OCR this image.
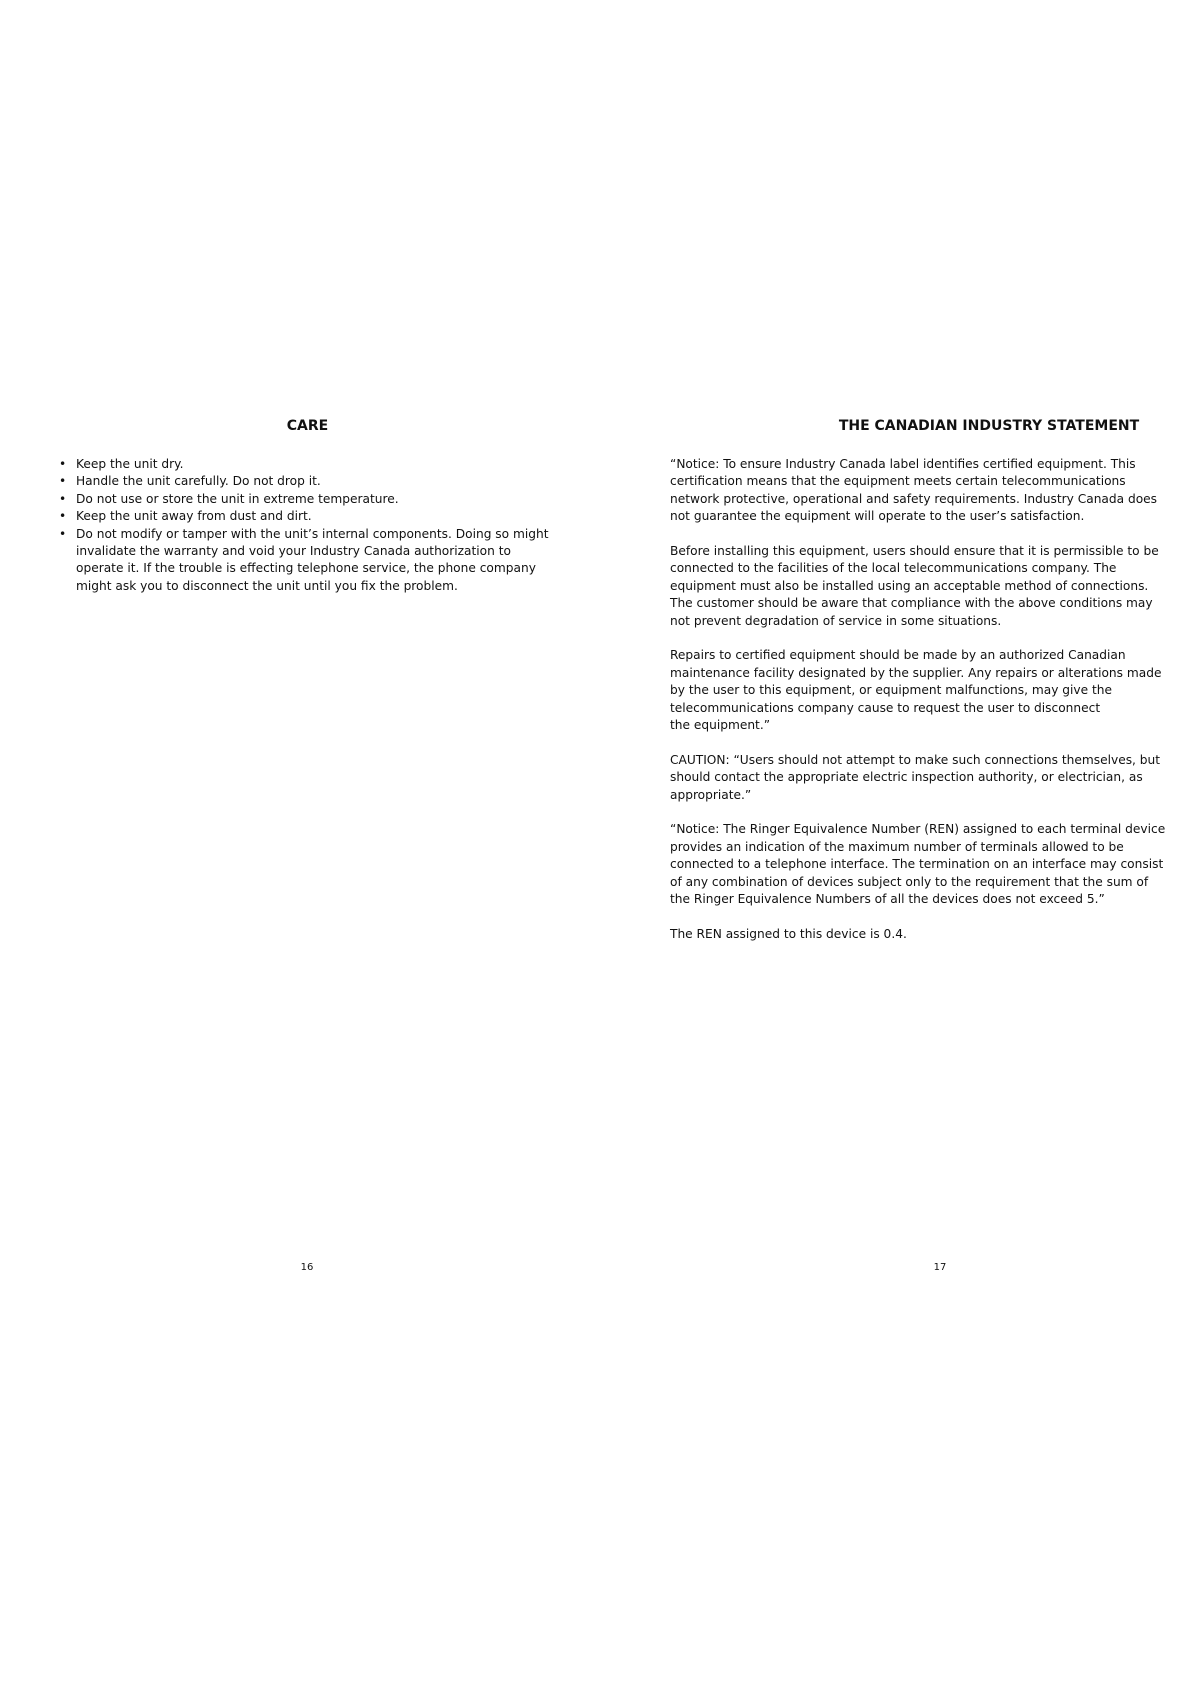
CARE
• Keep the unit dry.
• Handle the unit carefully. Do not drop it.
• Do not use or store the unit in extreme temperature.
• Keep the unit away from dust and dirt.
• Do not modify or tamper with the unit’s internal components. Doing so might invalidate the warranty and void your Industry Canada authorization to operate it. If the trouble is effecting telephone service, the phone company might ask you to disconnect the unit until you fix the problem.
16
THE CANADIAN INDUSTRY STATEMENT

“Notice: To ensure Industry Canada label identifies certified equipment. This certification means that the equipment meets certain telecommunications network protective, operational and safety requirements. Industry Canada does not guarantee the equipment will operate to the user’s satisfaction.

Before installing this equipment, users should ensure that it is permissible to be connected to the facilities of the local telecommunications company. The equipment must also be installed using an acceptable method of connections. The customer should be aware that compliance with the above conditions may not prevent degradation of service in some situations.

Repairs to certified equipment should be made by an authorized Canadian maintenance facility designated by the supplier. Any repairs or alterations made by the user to this equipment, or equipment malfunctions, may give the telecommunications company cause to request the user to disconnect
the equipment.”

CAUTION: “Users should not attempt to make such connections themselves, but should contact the appropriate electric inspection authority, or electrician, as appropriate.”

“Notice: The Ringer Equivalence Number (REN) assigned to each terminal device provides an indication of the maximum number of terminals allowed to be connected to a telephone interface. The termination on an interface may consist of any combination of devices subject only to the requirement that the sum of the Ringer Equivalence Numbers of all the devices does not exceed 5.”

The REN assigned to this device is 0.4.

17
